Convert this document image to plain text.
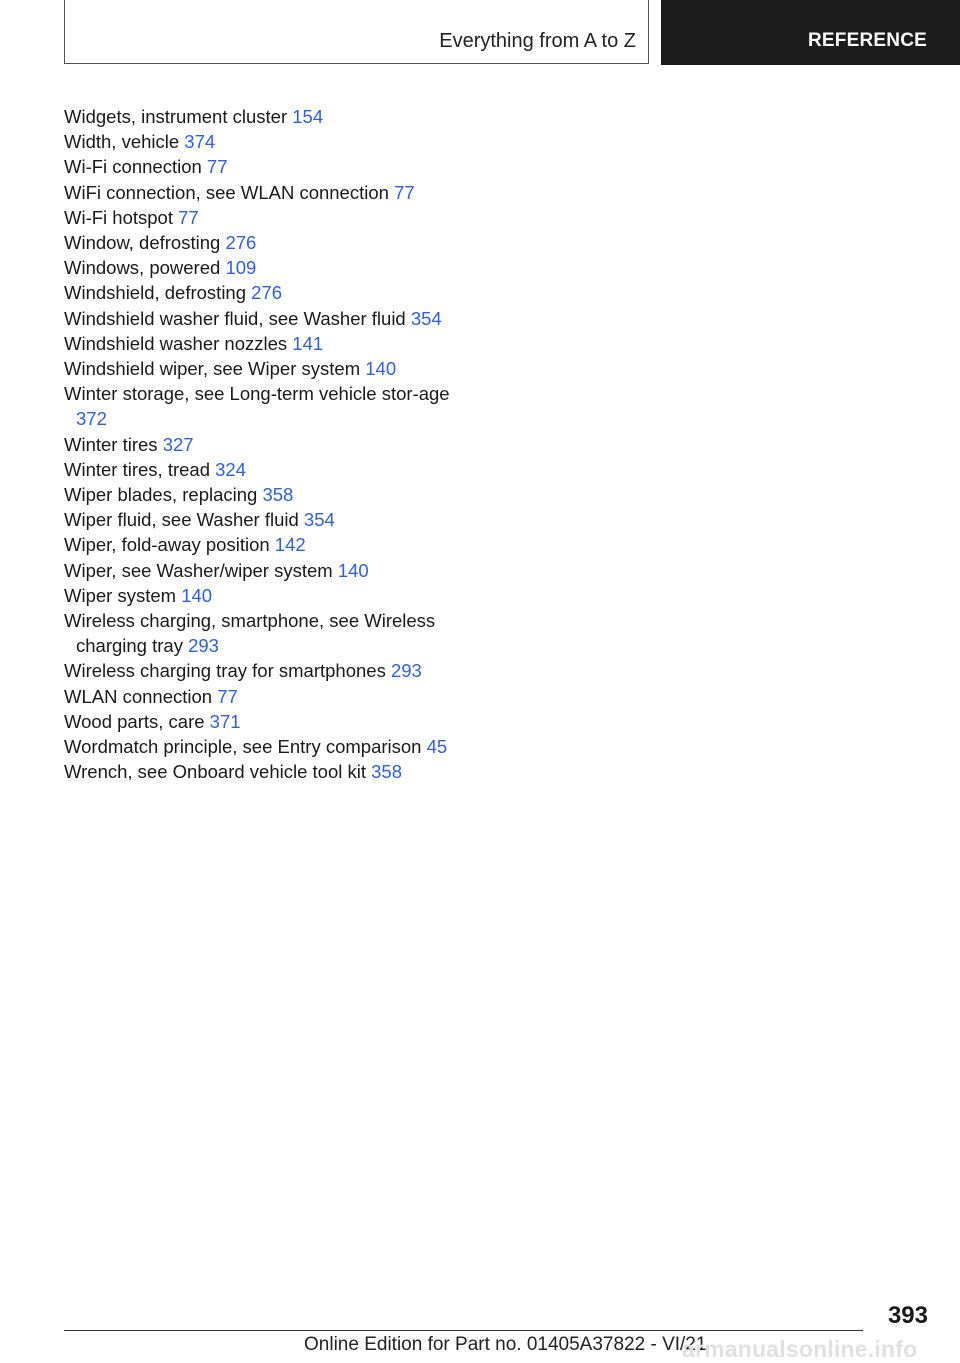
Everything from A to Z	REFERENCE
Widgets, instrument cluster 154
Width, vehicle 374
Wi-Fi connection 77
WiFi connection, see WLAN connection 77
Wi-Fi hotspot 77
Window, defrosting 276
Windows, powered 109
Windshield, defrosting 276
Windshield washer fluid, see Washer fluid 354
Windshield washer nozzles 141
Windshield wiper, see Wiper system 140
Winter storage, see Long-term vehicle stor-age 372
Winter tires 327
Winter tires, tread 324
Wiper blades, replacing 358
Wiper fluid, see Washer fluid 354
Wiper, fold-away position 142
Wiper, see Washer/wiper system 140
Wiper system 140
Wireless charging, smartphone, see Wireless charging tray 293
Wireless charging tray for smartphones 293
WLAN connection 77
Wood parts, care 371
Wordmatch principle, see Entry comparison 45
Wrench, see Onboard vehicle tool kit 358
393
Online Edition for Part no. 01405A37822 - VI/21
armanualsonline.info
